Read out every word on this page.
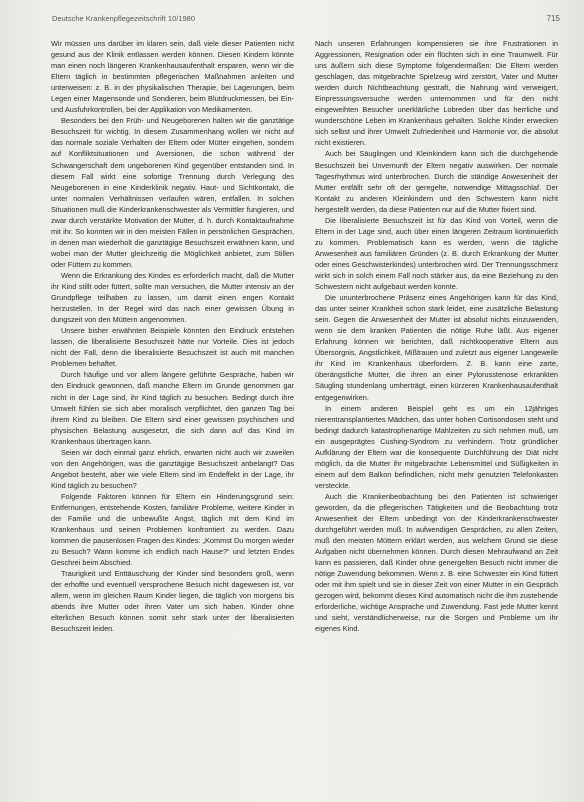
Deutsche Krankenpflegezeitschrift 10/1980	715

Wir müssen uns darüber im klaren sein, daß viele dieser Patienten nicht gesund aus der Klinik entlassen werden können. Diesen Kindern könnte man einen noch längeren Krankenhausaufenthalt ersparen, wenn wir die Eltern täglich in bestimmten pflegerischen Maßnahmen anleiten und unterweisen: z. B. in der physikalischen Therapie, bei Lagerungen, beim Legen einer Magensonde und Sondieren, beim Blutdruckmessen, bei Ein- und Ausfuhrkontrollen, bei der Applikation von Medikamenten.

Besonders bei den Früh- und Neugeborenen halten wir die ganztätige Besuchszeit für wichtig. In diesem Zusammenhang wollen wir nicht auf das normale soziale Verhalten der Eltern oder Mütter eingehen, sondern auf Konfliktsituationen und Aversionen, die schon während der Schwangerschaft dem ungeborenen Kind gegenüber entstanden sind. In diesem Fall wirkt eine sofortige Trennung durch Verlegung des Neugeborenen in eine Kinderklinik negativ. Haut- und Sichtkontakt, die unter normalen Verhältnissen verlaufen wären, entfallen. In solchen Situationen muß die Kinderkrankenschwester als Vermittler fungieren, und zwar durch verstärkte Motivation der Mutter, d. h. durch Kontaktaufnahme mit ihr. So konnten wir in den meisten Fällen in persönlichen Gesprächen, in denen man wiederholt die ganztägige Besuchszeit erwähnen kann, und wobei man der Mutter gleichzeitig die Möglichkeit anbietet, zum Stillen oder Füttern zu kommen.

Wenn die Erkrankung des Kindes es erforderlich macht, daß die Mutter ihr Kind stillt oder füttert, sollte man versuchen, die Mutter intensiv an der Grundpflege teilhaben zu lassen, um damit einen engen Kontakt herzustellen. In der Regel wird das nach einer gewissen Übung in dungszeit von den Müttern angenommen.

Unsere bisher erwähnten Beispiele könnten den Eindruck entstehen lassen, die liberalisierte Besuchszeit hätte nur Vorteile. Dies ist jedoch nicht der Fall, denn die liberalisierte Besuchszeit ist auch mit manchen Problemen behaftet.

Durch häufige und vor allem längere geführte Gespräche, haben wir den Eindruck gewonnen, daß manche Eltern im Grunde genommen gar nicht in der Lage sind, ihr Kind täglich zu besuchen. Bedingt durch ihre Umwelt fühlen sie sich aber moralisch verpflichtet, den ganzen Tag bei ihrem Kind zu bleiben. Die Eltern sind einer gewissen psychischen und physischen Belastung ausgesetzt, die sich dann auf das Kind im Krankenhaus übertragen kann.

Seien wir doch einmal ganz ehrlich, erwarten nicht auch wir zuweilen von den Angehörigen, was die ganztägige Besuchszeit anbelangt? Das Angebot besteht, aber wie viele Eltern sind im Endeffekt in der Lage, ihr Kind täglich zu besuchen?

Folgende Faktoren können für Eltern ein Hinderungsgrund sein: Entfernungen, entstehende Kosten, familiäre Probleme, weitere Kinder in der Familie und die unbewußte Angst, täglich mit dem Kind im Krankenhaus und seinen Problemen konfrontiert zu werden. Dazu kommen die pausenlosen Fragen des Kindes: „Kommst Du morgen wieder zu Besuch? Wann komme ich endlich nach Hause?“ und letzten Endes Geschrei beim Abschied.

Traurigkeit und Enttäuschung der Kinder sind besonders groß, wenn der erhoffte und eventuell versprochene Besuch nicht dagewesen ist, vor allem, wenn im gleichen Raum Kinder liegen, die täglich von morgens bis abends ihre Mutter oder ihren Vater um sich haben. Kinder ohne elterlichen Besuch können somit sehr stark unter der liberalisierten Besuchszeit leiden.

Nach unseren Erfahrungen kompensieren sie ihre Frustrationen in Aggressionen, Resignation oder ein flüchten sich in eine Traumwelt. Für uns äußern sich diese Symptome folgendermaßen: Die Eltern werden geschlagen, das mitgebrachte Spielzeug wird zerstört, Vater und Mutter werden durch Nichtbeachtung gestraft, die Nahrung wird verweigert, Einpressungsversuche werden unternommen und für den nicht eingeweihten Besucher unerklärliche Lobreden über das herrliche und wunderschöne Leben im Krankenhaus gehalten. Solche Kinder erwecken sich selbst und ihrer Umwelt Zufriedenheit und Harmonie vor, die absolut nicht existieren.

Auch bei Säuglingen und Kleinkindern kann sich die durchgehende Besuchszeit bei Unvernunft der Eltern negativ auswirken. Der normale Tagesrhythmus wird unterbrochen. Durch die ständige Anwesenheit der Mutter entfällt sehr oft der geregelte, notwendige Mittagsschlaf. Der Kontakt zu anderen Kleinkindern und den Schwestern kann nicht hergestellt werden, da diese Patienten nur auf die Mutter fixiert sind.

Die liberalisierte Besuchszeit ist für das Kind von Vorteil, wenn die Eltern in der Lage sind, auch über einen längeren Zeitraum kontinuierlich zu kommen. Problematisch kann es werden, wenn die tägliche Anwesenheit aus familiären Gründen (z. B. durch Erkrankung der Mutter oder eines Geschwisterkindes) unterbrochen wird. Der Trennungsschmerz wirkt sich in solch einem Fall noch stärker aus, da eine Beziehung zu den Schwestern nicht aufgebaut werden konnte.

Die ununterbrochene Präsenz eines Angehörigen kann für das Kind, das unter seiner Krankheit schon stark leidet, eine zusätzliche Belastung sein. Gegen die Anwesenheit der Mutter ist absolut nichts einzuwenden, wenn sie dem kranken Patienten die nötige Ruhe läßt. Aus eigener Erfahrung können wir berichten, daß nichtkooperative Eltern aus Übersorgnis, Angstlichkeit, Mißtrauen und zuletzt aus eigener Langeweile ihr Kind im Krankenhaus überfordern. Z. B. kann eine zarte, überängstliche Mutter, die ihren an einer Pylorusstenose erkrankten Säugling stundenlang umherträgt, einen kürzeren Krankenhausaufenthalt entgegenwirken.

In einem anderen Beispiel geht es um ein 12jähriges nierentransplantiertes Mädchen, das unter hohen Cortisondosen steht und bedingt dadurch katastrophenartige Mahlzeiten zu sich nehmen muß, um ein ausgeprägtes Cushing-Syndrom zu verhindern. Trotz gründlicher Aufklärung der Eltern war die konsequente Durchführung der Diät nicht möglich, da die Mutter ihr mitgebrachte Lebensmittel und Süßigkeiten in einem auf dem Balkon befindlichen, nicht mehr genutzten Telefonkasten versteckte.

Auch die Krankenbeobachtung bei den Patienten ist schwieriger geworden, da die pflegerischen Tätigkeiten und die Beobachtung trotz Anwesenheit der Eltern unbedingt von der Kinderkrankenschwester durchgeführt werden muß. In aufwendigen Gesprächen, zu allen Zeiten, muß den meisten Müttern erklärt werden, aus welchem Grund sie diese Aufgaben nicht übernehmen können. Durch diesen Mehraufwand an Zeit kann es passieren, daß Kinder ohne genergelten Besuch nicht immer die nötige Zuwendung bekommen. Wenn z. B. eine Schwester ein Kind füttert oder mit ihm spielt und sie in dieser Zeit von einer Mutter in ein Gespräch gezogen wird, bekommt dieses Kind automatisch nicht die ihm zustehende erforderliche, wichtige Ansprache und Zuwendung. Fast jede Mutter kennt und sieht, verständlicherweise, nur die Sorgen und Probleme um ihr eigenes Kind.
